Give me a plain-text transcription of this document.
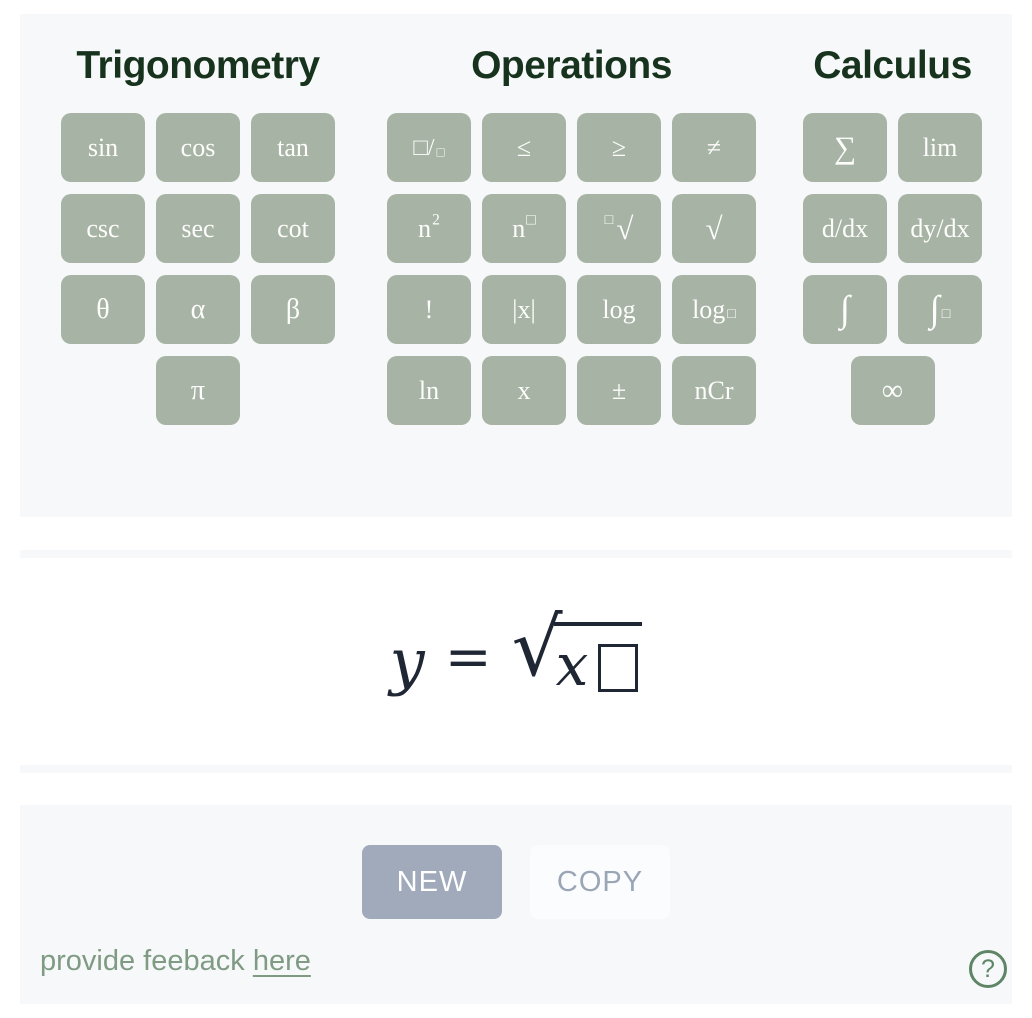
Trigonometry
sin cos tan
csc sec cot
θ	α	β
π
Operations
□/ □	≤	≥	≠
n 2	n □	□ √ √
!	|x|	log log □
ln	x	±	nCr
Calculus
∑	lim
d/dx dy/dx
∫ ∫ □
∞
y = √
x
NEW	COPY
provide feeback here	?
